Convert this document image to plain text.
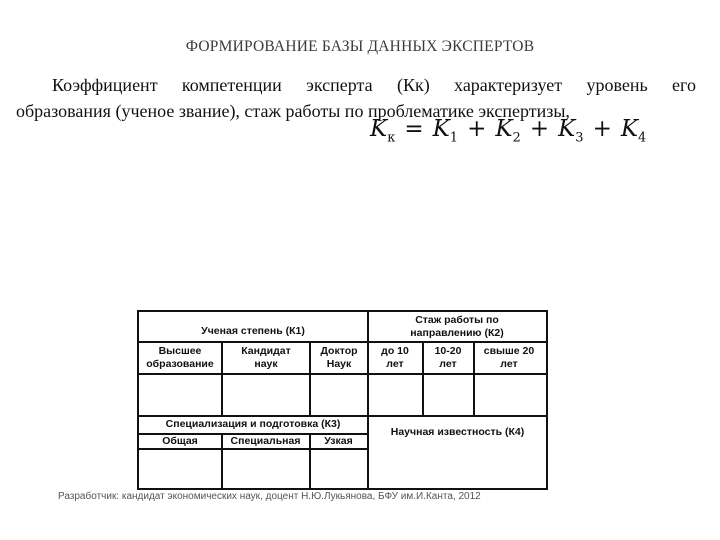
ФОРМИРОВАНИЕ БАЗЫ ДАННЫХ ЭКСПЕРТОВ
Коэффициент компетенции эксперта (Кк) характеризует уровень его
образования (ученое звание), стаж работы по проблематике экспертизы,
$K_к = K_1 + K_2 + K_3 + K_4$
Ученая степень (К1)
Стаж работы по направлению (К2)
Высшее образование
Кандидат наук
Доктор Наук
до 10 лет
10-20 лет
свыше 20 лет
Специализация и подготовка (К3)
Научная известность (К4)
Общая	Специальная	Узкая
Разработчик: кандидат экономических наук, доцент Н.Ю.Лукьянова, БФУ им.И.Канта, 2012
